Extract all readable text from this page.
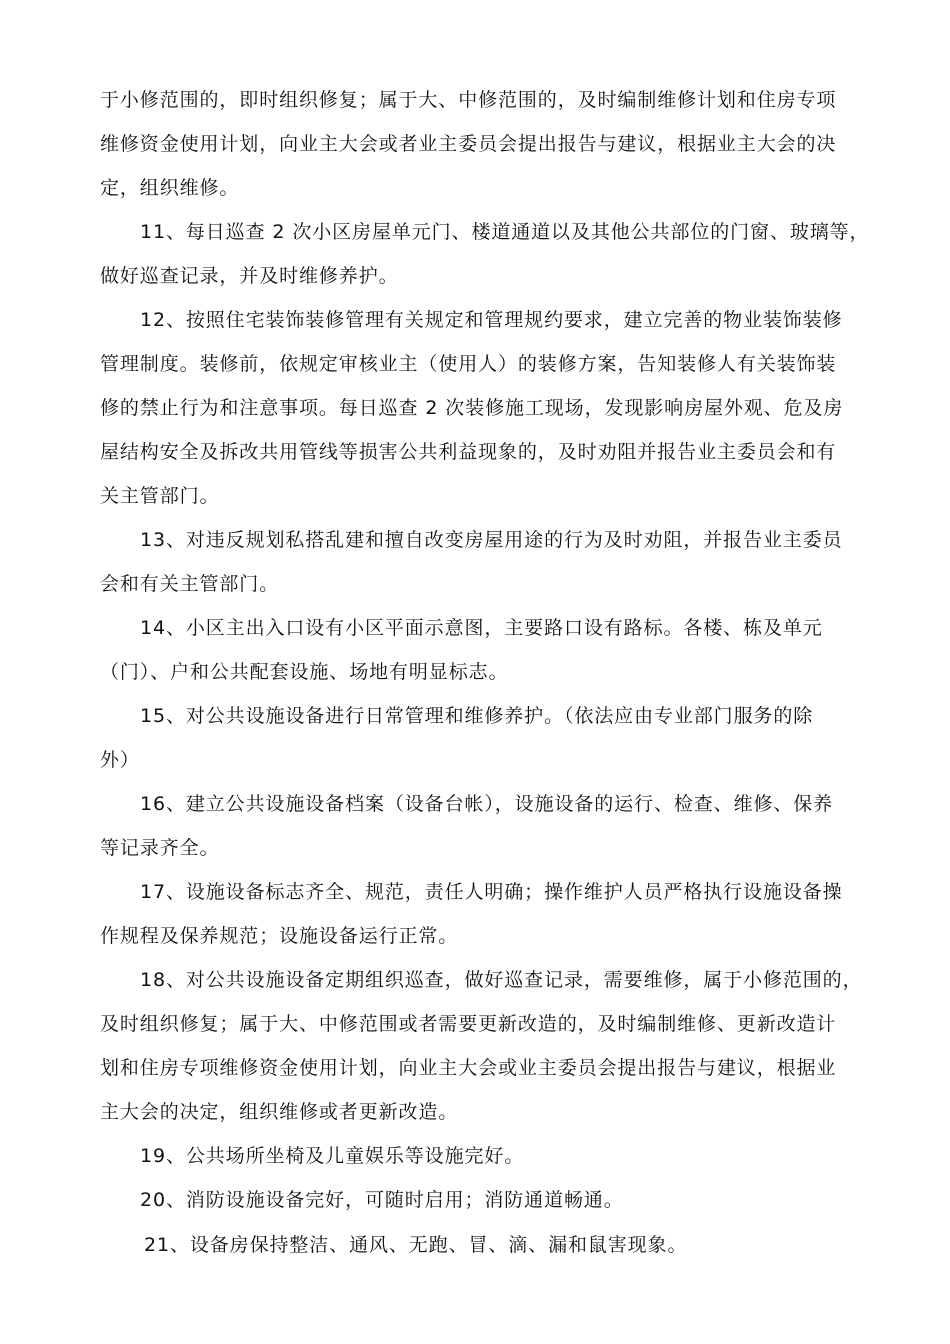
于小修范围的，即时组织修复；属于大、中修范围的，及时编制维修计划和住房专项
维修资金使用计划，向业主大会或者业主委员会提出报告与建议，根据业主大会的决
定，组织维修。
11、每日巡查 2 次小区房屋单元门、楼道通道以及其他公共部位的门窗、玻璃等，
做好巡查记录，并及时维修养护。
12、按照住宅装饰装修管理有关规定和管理规约要求，建立完善的物业装饰装修
管理制度。装修前，依规定审核业主（使用人）的装修方案，告知装修人有关装饰装
修的禁止行为和注意事项。每日巡查 2 次装修施工现场，发现影响房屋外观、危及房
屋结构安全及拆改共用管线等损害公共利益现象的，及时劝阻并报告业主委员会和有
关主管部门。
13、对违反规划私搭乱建和擅自改变房屋用途的行为及时劝阻，并报告业主委员
会和有关主管部门。
14、小区主出入口设有小区平面示意图，主要路口设有路标。各楼、栋及单元
（门）、户和公共配套设施、场地有明显标志。
15、对公共设施设备进行日常管理和维修养护。（依法应由专业部门服务的除
外）
16、建立公共设施设备档案（设备台帐），设施设备的运行、检查、维修、保养
等记录齐全。
17、设施设备标志齐全、规范，责任人明确；操作维护人员严格执行设施设备操
作规程及保养规范；设施设备运行正常。
18、对公共设施设备定期组织巡查，做好巡查记录，需要维修，属于小修范围的，
及时组织修复；属于大、中修范围或者需要更新改造的，及时编制维修、更新改造计
划和住房专项维修资金使用计划，向业主大会或业主委员会提出报告与建议，根据业
主大会的决定，组织维修或者更新改造。
19、公共场所坐椅及儿童娱乐等设施完好。
20、消防设施设备完好，可随时启用；消防通道畅通。
21、设备房保持整洁、通风、无跑、冒、滴、漏和鼠害现象。
